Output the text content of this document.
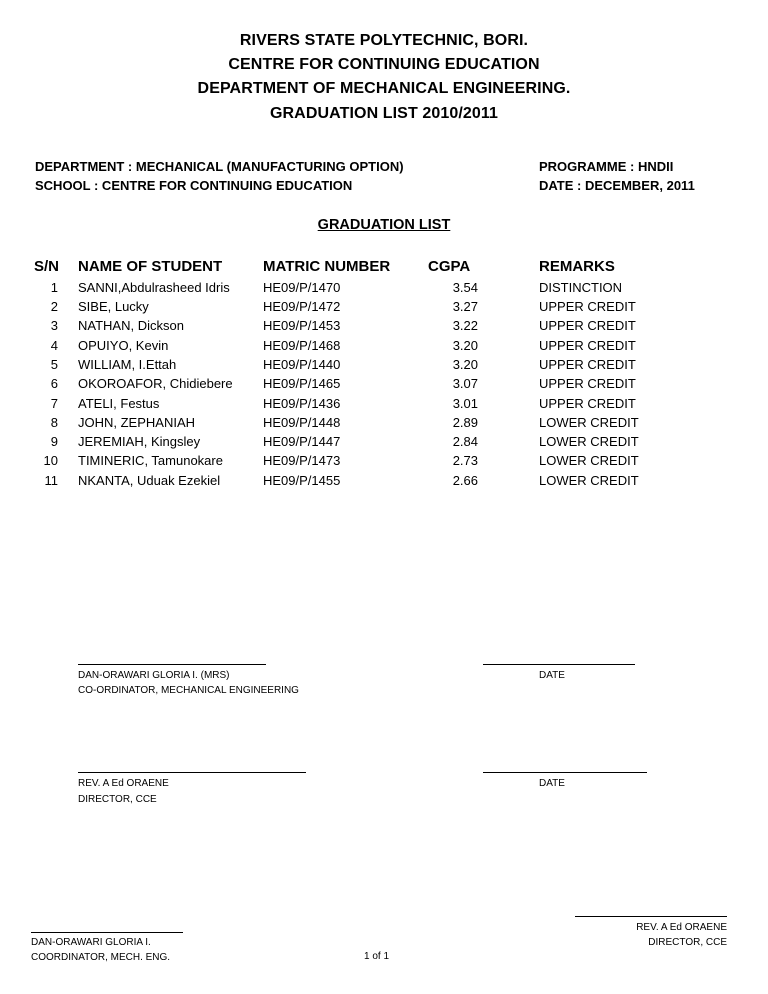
RIVERS STATE POLYTECHNIC, BORI.
CENTRE FOR CONTINUING EDUCATION
DEPARTMENT OF MECHANICAL ENGINEERING.
GRADUATION LIST 2010/2011
DEPARTMENT : MECHANICAL (MANUFACTURING OPTION)
SCHOOL : CENTRE FOR CONTINUING EDUCATION
PROGRAMME : HNDII
DATE : DECEMBER, 2011
GRADUATION LIST
S/N NAME OF STUDENT	MATRIC NUMBER	CGPA	REMARKS
1 SANNI,Abdulrasheed Idris	HE09/P/1470	3.54	DISTINCTION
2 SIBE, Lucky	HE09/P/1472	3.27	UPPER CREDIT
3 NATHAN, Dickson	HE09/P/1453	3.22	UPPER CREDIT
4 OPUIYO, Kevin	HE09/P/1468	3.20	UPPER CREDIT
5 WILLIAM, I.Ettah	HE09/P/1440	3.20	UPPER CREDIT
6 OKOROAFOR, Chidiebere HE09/P/1465	3.07	UPPER CREDIT
7 ATELI, Festus	HE09/P/1436	3.01	UPPER CREDIT
8 JOHN, ZEPHANIAH	HE09/P/1448	2.89	LOWER CREDIT
9 JEREMIAH, Kingsley	HE09/P/1447	2.84	LOWER CREDIT
10 TIMINERIC, Tamunokare	HE09/P/1473	2.73	LOWER CREDIT
11 NKANTA, Uduak Ezekiel	HE09/P/1455	2.66	LOWER CREDIT
DAN-ORAWARI GLORIA I. (MRS)
CO-ORDINATOR, MECHANICAL ENGINEERING
DATE
REV. A Ed ORAENE
DIRECTOR, CCE
DATE
DAN-ORAWARI GLORIA I.
COORDINATOR, MECH. ENG.	1 of 1
REV. A Ed ORAENE
DIRECTOR, CCE
